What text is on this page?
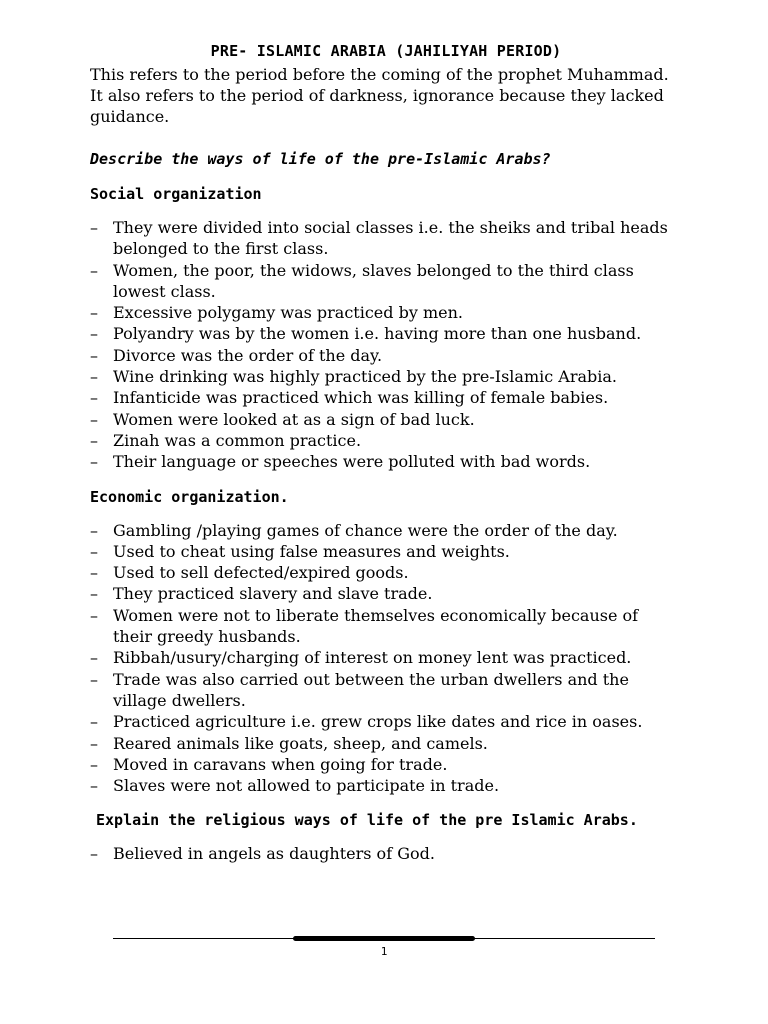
PRE- ISLAMIC ARABIA (JAHILIYAH PERIOD)

This refers to the period before the coming of the prophet Muhammad.

It also refers to the period of darkness, ignorance because they lacked guidance.

Describe the ways of life of the pre-Islamic Arabs?

Social organization
– They were divided into social classes i.e. the sheiks and tribal heads belonged to the first class.
– Women, the poor, the widows, slaves belonged to the third class lowest class.
– Excessive polygamy was practiced by men.
– Polyandry was by the women i.e. having more than one husband.
– Divorce was the order of the day.
– Wine drinking was highly practiced by the pre-Islamic Arabia.
– Infanticide was practiced which was killing of female babies.
– Women were looked at as a sign of bad luck.
– Zinah was a common practice.
– Their language or speeches were polluted with bad words.
Economic organization.
– Gambling /playing games of chance were the order of the day.
– Used to cheat using false measures and weights.
– Used to sell defected/expired goods.
– They practiced slavery and slave trade.
– Women were not to liberate themselves economically because of their greedy husbands.
– Ribbah/usury/charging of interest on money lent was practiced.
– Trade was also carried out between the urban dwellers and the village dwellers.
– Practiced agriculture i.e. grew crops like dates and rice in oases.
– Reared animals like goats, sheep, and camels.
– Moved in caravans when going for trade.
– Slaves were not allowed to participate in trade.
Explain the religious ways of life of the pre Islamic Arabs.
– Believed in angels as daughters of God.
1
